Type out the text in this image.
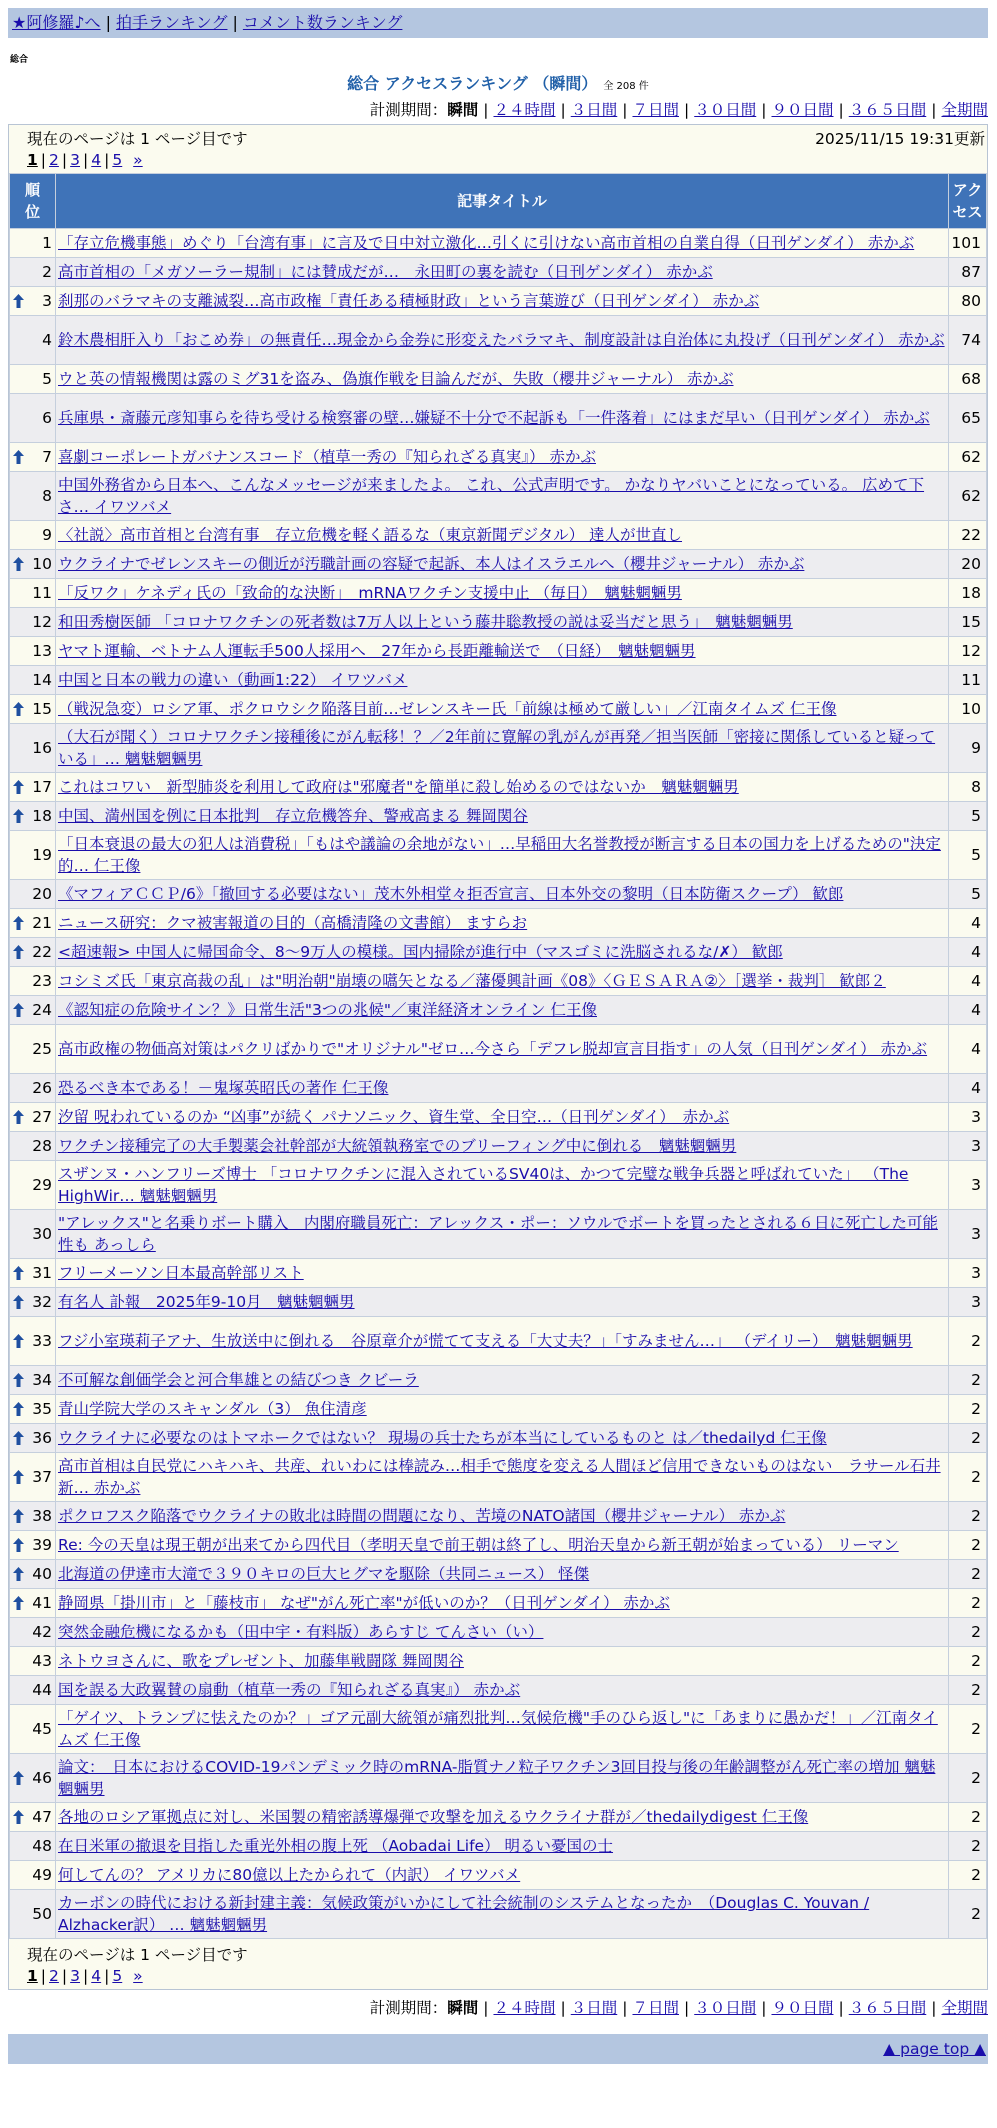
★阿修羅♪へ | 拍手ランキング | コメント数ランキング
総合
総合 アクセスランキング （瞬間） 全 208 件
計測期間：瞬間 | ２４時間 | ３日間 | ７日間 | ３０日間 | ９０日間 | ３６５日間 | 全期間
現在のページは 1 ページ目です	2025/11/15 19:31更新
1 | 2 | 3 | 4 | 5 »
順
位	記事タイトル	アク
セス
1	「存立危機事態」めぐり「台湾有事」に言及で日中対立激化…引くに引けない高市首相の自業自得（日刊ゲンダイ） 赤かぶ	101
2	高市首相の「メガソーラー規制」には賛成だが…　永田町の裏を読む（日刊ゲンダイ） 赤かぶ	87

3	刹那のバラマキの支離滅裂…高市政権「責任ある積極財政」という言葉遊び（日刊ゲンダイ） 赤かぶ	80
4	鈴木農相肝入り「おこめ券」の無責任…現金から金券に形変えたバラマキ、制度設計は自治体に丸投げ（日刊ゲンダイ） 赤かぶ	74
5	ウと英の情報機関は露のミグ31を盗み、偽旗作戦を目論んだが、失敗（櫻井ジャーナル） 赤かぶ	68
6	兵庫県・斎藤元彦知事らを待ち受ける検察審の壁…嫌疑不十分で不起訴も「一件落着」にはまだ早い（日刊ゲンダイ） 赤かぶ	65

7	喜劇コーポレートガバナンスコード（植草一秀の『知られざる真実』） 赤かぶ	62
8	中国外務省から日本へ、こんなメッセージが来ましたよ。 これ、公式声明です。 かなりヤバいことになっている。 広めて下さ… イワツバメ	62
9	〈社説〉高市首相と台湾有事　存立危機を軽く語るな（東京新聞デジタル） 達人が世直し	22

10	ウクライナでゼレンスキーの側近が汚職計画の容疑で起訴、本人はイスラエルへ（櫻井ジャーナル） 赤かぶ	20
11	「反ワク」ケネディ氏の「致命的な決断」　mRNAワクチン支援中止 （毎日）　魑魅魍魎男	18
12	和田秀樹医師 「コロナワクチンの死者数は7万人以上という藤井聡教授の説は妥当だと思う」　魑魅魍魎男	15
13	ヤマト運輸、ベトナム人運転手500人採用へ　27年から長距離輸送で　（日経）　魑魅魍魎男	12
14	中国と日本の戦力の違い（動画1:22） イワツバメ	11

15	（戦況急変）ロシア軍、ポクロウシク陥落目前…ゼレンスキー氏「前線は極めて厳しい」／江南タイムズ 仁王像	10
16	（大石が聞く）コロナワクチン接種後にがん転移！？／2年前に寛解の乳がんが再発／担当医師「密接に関係していると疑っている」… 魑魅魍魎男	9

17	これはコワい　新型肺炎を利用して政府は"邪魔者"を簡単に殺し始めるのではないか　魑魅魍魎男	8

18	中国、満州国を例に日本批判　存立危機答弁、警戒高まる 舞岡関谷	5
19	「日本衰退の最大の犯人は消費税」「もはや議論の余地がない」…早稲田大名誉教授が断言する日本の国力を上げるための"決定的… 仁王像	5
20	《マフィアＣＣＰ/6》「撤回する必要はない」茂木外相堂々拒否宣言、日本外交の黎明（日本防衛スクープ） 歓郎	5

21	ニュース研究：クマ被害報道の目的（高橋清隆の文書館） ますらお	4

22	<超速報> 中国人に帰国命令、8〜9万人の模様。国内掃除が進行中（マスゴミに洗脳されるな/✗） 歓郎	4
23	コシミズ氏「東京高裁の乱」は"明治朝"崩壊の嚆矢となる／藩優興計画《08》〈ＧＥＳＡＲＡ②〉［選挙・裁判］ 歓郎２	4

24	《認知症の危険サイン？》日常生活"3つの兆候"／東洋経済オンライン 仁王像	4
25	高市政権の物価高対策はパクリばかりで"オリジナル"ゼロ…今さら「デフレ脱却宣言目指す」の人気（日刊ゲンダイ） 赤かぶ	4
26	恐るべき本である！－鬼塚英昭氏の著作 仁王像	4

27	汐留 呪われているのか “凶事”が続く パナソニック、資生堂、全日空…（日刊ゲンダイ）　赤かぶ	3
28	ワクチン接種完了の大手製薬会社幹部が大統領執務室でのブリーフィング中に倒れる　魑魅魍魎男	3
29	スザンヌ・ハンフリーズ博士 「コロナワクチンに混入されているSV40は、かつて完璧な戦争兵器と呼ばれていた」 （The HighWir… 魑魅魍魎男	3
30	"アレックス"と名乗りボート購入　内閣府職員死亡：アレックス・ポー：ソウルでボートを買ったとされる６日に死亡した可能性も あっしら	3

31	フリーメーソン日本最高幹部リスト	3

32	有名人 訃報　2025年9-10月　魑魅魍魎男	3

33	フジ小室瑛莉子アナ、生放送中に倒れる　谷原章介が慌てて支える「大丈夫？」「すみません…」 （デイリー）　魑魅魍魎男	2

34	不可解な創価学会と河合隼雄との結びつき クビーラ	2

35	青山学院大学のスキャンダル（3） 魚住清彦	2

36	ウクライナに必要なのはトマホークではない？ 現場の兵士たちが本当にしているものと は／thedailyd 仁王像	2

37	高市首相は自民党にハキハキ、共産、れいわには棒読み…相手で態度を変える人間ほど信用できないものはない　ラサール石井 新… 赤かぶ	2

38	ポクロフスク陥落でウクライナの敗北は時間の問題になり、苦境のNATO諸国（櫻井ジャーナル） 赤かぶ	2

39	Re: 今の天皇は現王朝が出来てから四代目（孝明天皇で前王朝は終了し、明治天皇から新王朝が始まっている） リーマン	2

40	北海道の伊達市大滝で３９０キロの巨大ヒグマを駆除（共同ニュース） 怪傑	2

41	静岡県「掛川市」と「藤枝市」 なぜ"がん死亡率"が低いのか？（日刊ゲンダイ） 赤かぶ	2
42	突然金融危機になるかも（田中宇・有料版）あらすじ てんさい（い）	2
43	ネトウヨさんに、歌をプレゼント、加藤隼戦闘隊 舞岡関谷	2
44	国を誤る大政翼賛の扇動（植草一秀の『知られざる真実』） 赤かぶ	2
45	「ゲイツ、トランプに怯えたのか？」ゴア元副大統領が痛烈批判…気候危機"手のひら返し"に「あまりに愚かだ！」／江南タイムズ 仁王像	2

46	論文：　日本におけるCOVID-19パンデミック時のmRNA-脂質ナノ粒子ワクチン3回目投与後の年齢調整がん死亡率の増加 魑魅魍魎男	2

47	各地のロシア軍拠点に対し、米国製の精密誘導爆弾で攻撃を加えるウクライナ群が／thedailydigest 仁王像	2
48	在日米軍の撤退を目指した重光外相の腹上死 （Aobadai Life） 明るい憂国の士	2
49	何してんの？ アメリカに80億以上たかられて（内訳） イワツバメ	2
50	カーボンの時代における新封建主義：気候政策がいかにして社会統制のシステムとなったか　（Douglas C. Youvan / Alzhacker訳） … 魑魅魍魎男	2
現在のページは 1 ページ目です
1 | 2 | 3 | 4 | 5 »
計測期間：瞬間 | ２４時間 | ３日間 | ７日間 | ３０日間 | ９０日間 | ３６５日間 | 全期間
▲ page top ▲
